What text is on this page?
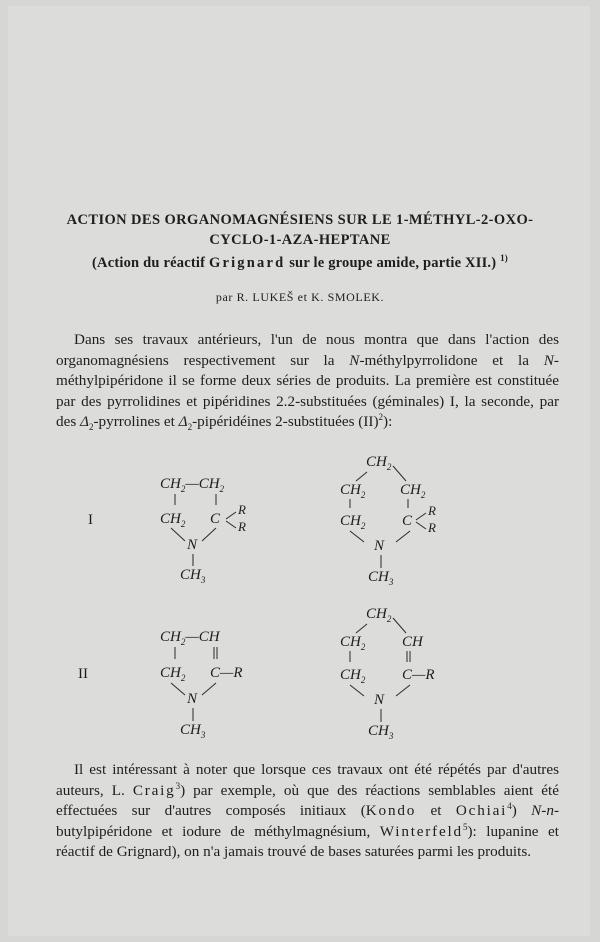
ACTION DES ORGANOMAGNÉSIENS SUR LE 1-MÉTHYL-2-OXO-
CYCLO-1-AZA-HEPTANE
(Action du réactif Grignard sur le groupe amide, partie XII.) $^{1)}$
par R. LUKEŠ et K. SMOLEK.
Dans ses travaux antérieurs, l'un de nous montra que dans l'action des organomagnésiens respectivement sur la N-méthylpyrrolidone et la N-méthylpipéridone il se forme deux séries de produits. La première est constituée par des pyrrolidines et pipéridines 2.2-substituées (géminales) I, la seconde, par des $\Delta_2$-pyrrolines et $\Delta_2$-pipéridéines 2-substituées (II)$^2$):
I
II
$CH_2—CH_2$
$CH_2$ C
R
R
N
$CH_3$
$CH_2$
$CH_2$ $CH_2$
$CH_2$ C
R
R
N
$CH_3$
$CH_2—CH$
$CH_2$ C—R
N
$CH_3$
$CH_2$
$CH_2$ CH
$CH_2$ C—R
N
$CH_3$
Il est intéressant à noter que lorsque ces travaux ont été répétés par d'autres auteurs, L. Craig$^3$) par exemple, où que des réactions semblables aient été effectuées sur d'autres composés initiaux (Kondo et Ochiai$^4$) N-n-butylpipéridone et iodure de méthylmagnésium, Winterfeld$^5$): lupanine et réactif de Grignard), on n'a jamais trouvé de bases saturées parmi les produits.
